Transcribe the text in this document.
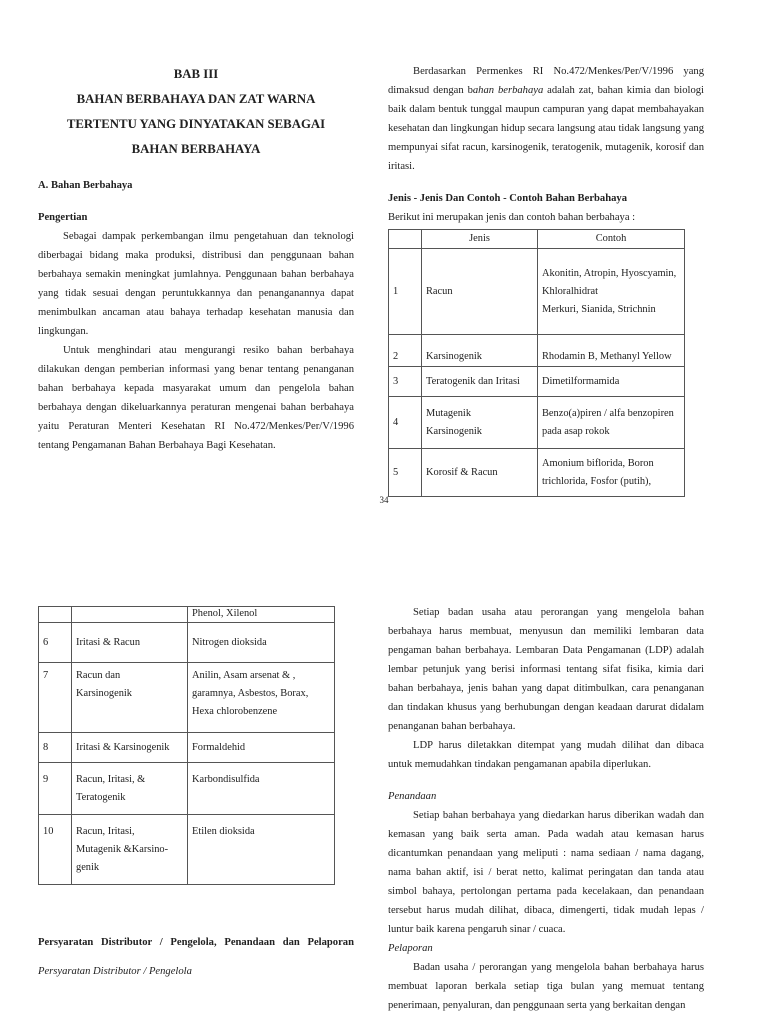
BAB III
BAHAN BERBAHAYA DAN ZAT WARNA
TERTENTU YANG DINYATAKAN SEBAGAI
BAHAN BERBAHAYA
A. Bahan Berbahaya
Pengertian

Sebagai dampak perkembangan ilmu pengetahuan dan teknologi diberbagai bidang maka produksi, distribusi dan penggunaan bahan berbahaya semakin meningkat jumlahnya. Penggunaan bahan berbahaya yang tidak sesuai dengan peruntukkannya dan penanganannya dapat menimbulkan ancaman atau bahaya terhadap kesehatan manusia dan lingkungan.

Untuk menghindari atau mengurangi resiko bahan berbahaya dilakukan dengan pemberian informasi yang benar tentang penanganan bahan berbahaya kepada masyarakat umum dan pengelola bahan berbahaya dengan dikeluarkannya peraturan mengenai bahan berbahaya yaitu Peraturan Menteri Kesehatan RI No.472/Menkes/Per/V/1996 tentang Pengamanan Bahan Berbahaya Bagi Kesehatan.

Berdasarkan Permenkes RI No.472/Menkes/Per/V/1996 yang dimaksud dengan bahan berbahaya adalah zat, bahan kimia dan biologi baik dalam bentuk tunggal maupun campuran yang dapat membahayakan kesehatan dan lingkungan hidup secara langsung atau tidak langsung yang mempunyai sifat racun, karsinogenik, teratogenik, mutagenik, korosif dan iritasi.

Jenis - Jenis Dan Contoh - Contoh Bahan Berbahaya
Berikut ini merupakan jenis dan contoh bahan berbahaya :
	Jenis	Contoh
1	Racun	Akonitin, Atropin, Hyoscyamin, Khloralhidrat
Merkuri, Sianida, Strichnin
2	Karsinogenik	Rhodamin B, Methanyl Yellow
3	Teratogenik dan Iritasi	Dimetilformamida
4	Mutagenik
Karsinogenik	Benzo(a)piren / alfa benzopiren pada asap rokok
5	Korosif & Racun	Amonium biflorida, Boron trichlorida, Fosfor (putih),
34
		Phenol, Xilenol
6	Iritasi & Racun	Nitrogen dioksida
7	Racun dan
Karsinogenik	Anilin, Asam arsenat & ,
garamnya, Asbestos, Borax,
Hexa chlorobenzene
8	Iritasi & Karsinogenik	Formaldehid
9	Racun, Iritasi, &
Teratogenik	Karbondisulfida
10	Racun, Iritasi,
Mutagenik &Karsino-
genik	Etilen dioksida
Persyaratan Distributor / Pengelola, Penandaan dan Pelaporan
Persyaratan Distributor / Pengelola

Setiap badan usaha atau perorangan yang mengelola bahan berbahaya harus membuat, menyusun dan memiliki lembaran data pengaman bahan berbahaya. Lembaran Data Pengamanan (LDP) adalah lembar petunjuk yang berisi informasi tentang sifat fisika, kimia dari bahan berbahaya, jenis bahan yang dapat ditimbulkan, cara penanganan dan tindakan khusus yang berhubungan dengan keadaan darurat didalam penanganan bahan berbahaya.

LDP harus diletakkan ditempat yang mudah dilihat dan dibaca untuk memudahkan tindakan pengamanan apabila diperlukan.

Penandaan

Setiap bahan berbahaya yang diedarkan harus diberikan wadah dan kemasan yang baik serta aman. Pada wadah atau kemasan harus dicantumkan penandaan yang meliputi : nama sediaan / nama dagang, nama bahan aktif, isi / berat netto, kalimat peringatan dan tanda atau simbol bahaya, pertolongan pertama pada kecelakaan, dan penandaan tersebut harus mudah dilihat, dibaca, dimengerti, tidak mudah lepas / luntur baik karena pengaruh sinar / cuaca.

Pelaporan

Badan usaha / perorangan yang mengelola bahan berbahaya harus membuat laporan berkala setiap tiga bulan yang memuat tentang penerimaan, penyaluran, dan penggunaan serta yang berkaitan dengan
